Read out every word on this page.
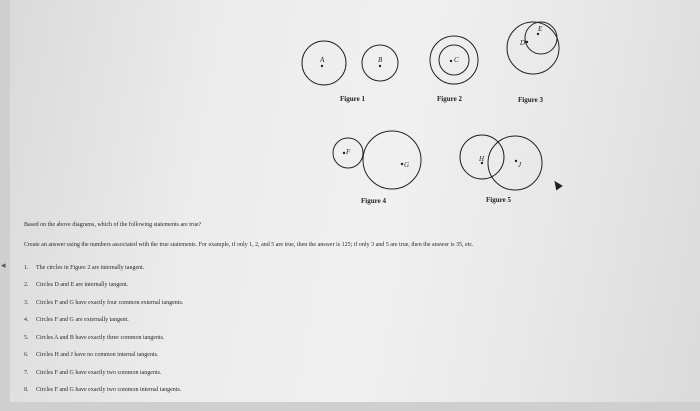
◂
A	B	C
D
E
F
G
H
J
Figure 1	Figure 2	Figure 3
Figure 4	Figure 5
Based on the above diagrams, which of the following statements are true?
Create an answer using the numbers associated with the true statements. For example, if only 1, 2, and 5 are true, then the answer is 125; if only 3 and 5 are true, then the answer is 35, etc.
1.	The circles in Figure 2 are internally tangent.
2.	Circles D and E are internally tangent.
3.	Circles F and G have exactly four common external tangents.
4.	Circles F and G are externally tangent.
5.	Circles A and B have exactly three common tangents.
6.	Circles H and J have no common internal tangents.
7.	Circles F and G have exactly two common tangents.
8.	Circles F and G have exactly two common internal tangents.
